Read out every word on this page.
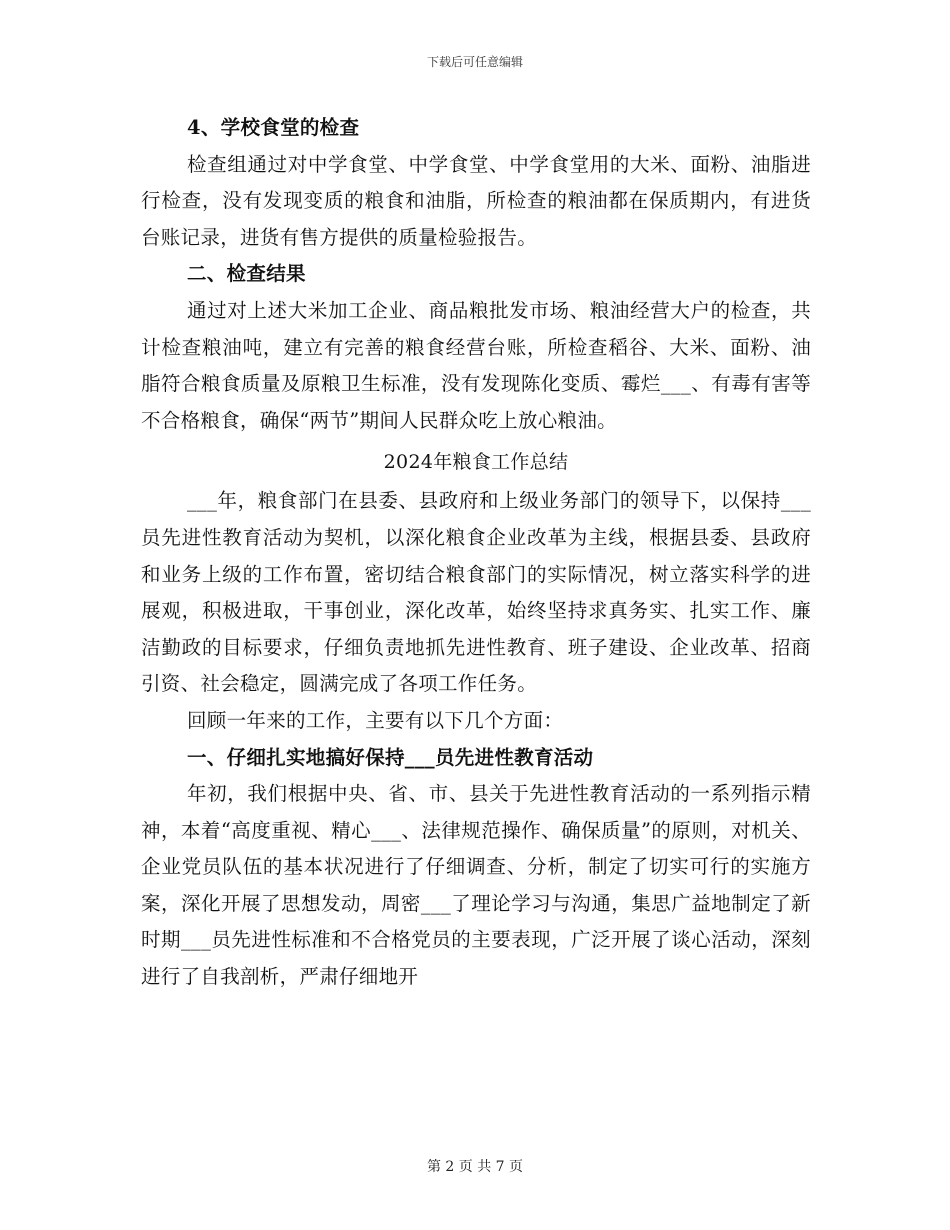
下载后可任意编辑

4、学校食堂的检查

检查组通过对中学食堂、中学食堂、中学食堂用的大米、面粉、油脂进行检查，没有发现变质的粮食和油脂，所检查的粮油都在保质期内，有进货台账记录，进货有售方提供的质量检验报告。

二、检查结果

通过对上述大米加工企业、商品粮批发市场、粮油经营大户的检查，共计检查粮油吨，建立有完善的粮食经营台账，所检查稻谷、大米、面粉、油脂符合粮食质量及原粮卫生标准，没有发现陈化变质、霉烂___、有毒有害等不合格粮食，确保“两节”期间人民群众吃上放心粮油。

2024年粮食工作总结

___年，粮食部门在县委、县政府和上级业务部门的领导下，以保持___员先进性教育活动为契机，以深化粮食企业改革为主线，根据县委、县政府和业务上级的工作布置，密切结合粮食部门的实际情况，树立落实科学的进展观，积极进取，干事创业，深化改革，始终坚持求真务实、扎实工作、廉洁勤政的目标要求，仔细负责地抓先进性教育、班子建设、企业改革、招商引资、社会稳定，圆满完成了各项工作任务。

回顾一年来的工作，主要有以下几个方面：

一、仔细扎实地搞好保持___员先进性教育活动

年初，我们根据中央、省、市、县关于先进性教育活动的一系列指示精神，本着“高度重视、精心___、法律规范操作、确保质量”的原则，对机关、企业党员队伍的基本状况进行了仔细调查、分析，制定了切实可行的实施方案，深化开展了思想发动，周密___了理论学习与沟通，集思广益地制定了新时期___员先进性标准和不合格党员的主要表现，广泛开展了谈心活动，深刻进行了自我剖析，严肃仔细地开

第 2 页 共 7 页
